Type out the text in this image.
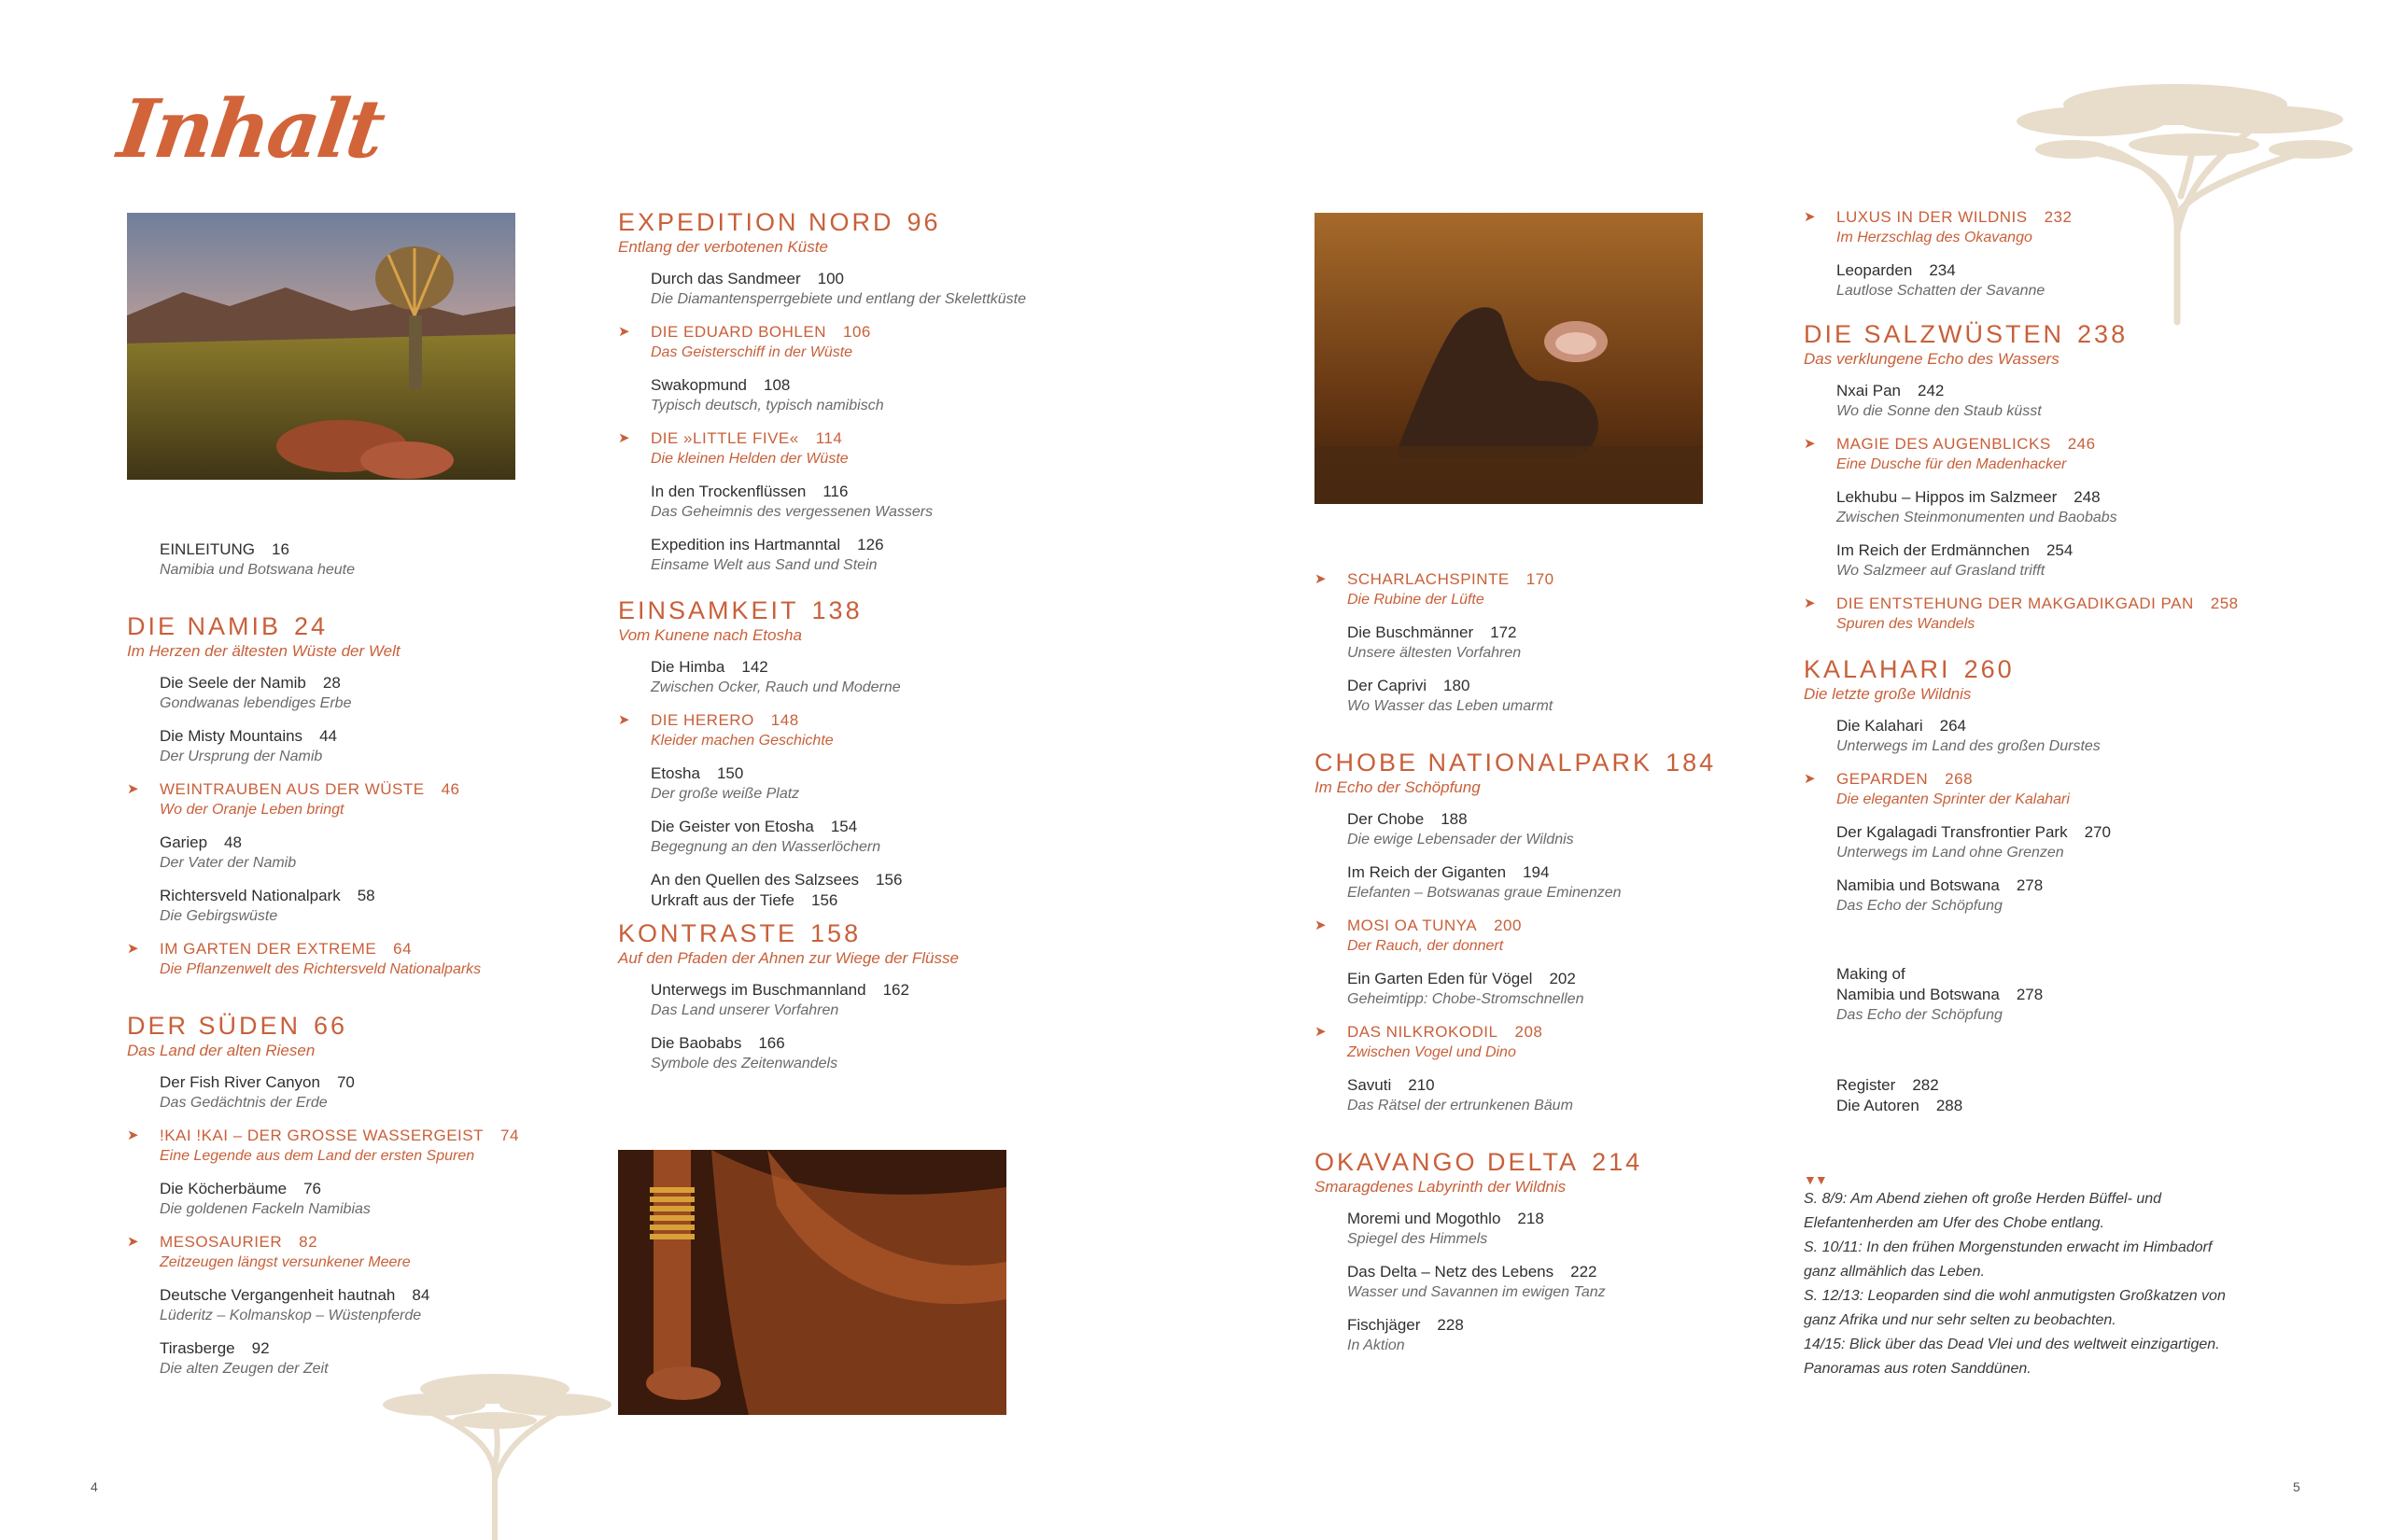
Inhalt
EINLEITUNG 16
Namibia und Botswana heute
DIE NAMIB 24
Im Herzen der ältesten Wüste der Welt
Die Seele der Namib 28
Gondwanas lebendiges Erbe
Die Misty Mountains 44
Der Ursprung der Namib
➤ WEINTRAUBEN AUS DER WÜSTE 46
Wo der Oranje Leben bringt
Gariep 48
Der Vater der Namib
Richtersveld Nationalpark 58
Die Gebirgswüste
➤ IM GARTEN DER EXTREME 64
Die Pflanzenwelt des Richtersveld Nationalparks
DER SÜDEN 66
Das Land der alten Riesen
Der Fish River Canyon 70
Das Gedächtnis der Erde
➤ !KAI !KAI – DER GROSSE WASSERGEIST 74
Eine Legende aus dem Land der ersten Spuren
Die Köcherbäume 76
Die goldenen Fackeln Namibias
➤ MESOSAURIER 82
Zeitzeugen längst versunkener Meere
Deutsche Vergangenheit hautnah 84
Lüderitz – Kolmanskop – Wüstenpferde
Tirasberge 92
Die alten Zeugen der Zeit
EXPEDITION NORD 96
Entlang der verbotenen Küste
Durch das Sandmeer 100
Die Diamantensperrgebiete und entlang der Skelettküste
➤ DIE EDUARD BOHLEN 106
Das Geisterschiff in der Wüste
Swakopmund 108
Typisch deutsch, typisch namibisch
➤ DIE »LITTLE FIVE« 114
Die kleinen Helden der Wüste
In den Trockenflüssen 116
Das Geheimnis des vergessenen Wassers
Expedition ins Hartmanntal 126
Einsame Welt aus Sand und Stein
EINSAMKEIT 138
Vom Kunene nach Etosha
Die Himba 142
Zwischen Ocker, Rauch und Moderne
➤ DIE HERERO 148
Kleider machen Geschichte
Etosha 150
Der große weiße Platz
Die Geister von Etosha 154
Begegnung an den Wasserlöchern
An den Quellen des Salzsees 156
Urkraft aus der Tiefe 156
KONTRASTE 158
Auf den Pfaden der Ahnen zur Wiege der Flüsse
Unterwegs im Buschmannland 162
Das Land unserer Vorfahren
Die Baobabs 166
Symbole des Zeitenwandels
➤ SCHARLACHSPINTE 170
Die Rubine der Lüfte
Die Buschmänner 172
Unsere ältesten Vorfahren
Der Caprivi 180
Wo Wasser das Leben umarmt
CHOBE NATIONALPARK 184
Im Echo der Schöpfung
Der Chobe 188
Die ewige Lebensader der Wildnis
Im Reich der Giganten 194
Elefanten – Botswanas graue Eminenzen
➤ MOSI OA TUNYA 200
Der Rauch, der donnert
Ein Garten Eden für Vögel 202
Geheimtipp: Chobe-Stromschnellen
➤ DAS NILKROKODIL 208
Zwischen Vogel und Dino
Savuti 210
Das Rätsel der ertrunkenen Bäum
OKAVANGO DELTA 214
Smaragdenes Labyrinth der Wildnis
Moremi und Mogothlo 218
Spiegel des Himmels
Das Delta – Netz des Lebens 222
Wasser und Savannen im ewigen Tanz
Fischjäger 228
In Aktion
➤ LUXUS IN DER WILDNIS 232
Im Herzschlag des Okavango
Leoparden 234
Lautlose Schatten der Savanne
DIE SALZWÜSTEN 238
Das verklungene Echo des Wassers
Nxai Pan 242
Wo die Sonne den Staub küsst
➤ MAGIE DES AUGENBLICKS 246
Eine Dusche für den Madenhacker
Lekhubu – Hippos im Salzmeer 248
Zwischen Steinmonumenten und Baobabs
Im Reich der Erdmännchen 254
Wo Salzmeer auf Grasland trifft
➤ DIE ENTSTEHUNG DER MAKGADIKGADI PAN 258
Spuren des Wandels
KALAHARI 260
Die letzte große Wildnis
Die Kalahari 264
Unterwegs im Land des großen Durstes
➤ GEPARDEN 268
Die eleganten Sprinter der Kalahari
Der Kgalagadi Transfrontier Park 270
Unterwegs im Land ohne Grenzen
Namibia und Botswana 278
Das Echo der Schöpfung
Making of
Namibia und Botswana 278
Das Echo der Schöpfung
Register 282
Die Autoren 288
▼▼
S. 8/9: Am Abend ziehen oft große Herden Büffel- und
Elefantenherden am Ufer des Chobe entlang.
S. 10/11: In den frühen Morgenstunden erwacht im Himbadorf
ganz allmählich das Leben.
S. 12/13: Leoparden sind die wohl anmutigsten Großkatzen von
ganz Afrika und nur sehr selten zu beobachten.
14/15: Blick über das Dead Vlei und des weltweit einzigartigen.
Panoramas aus roten Sanddünen.
4	5
